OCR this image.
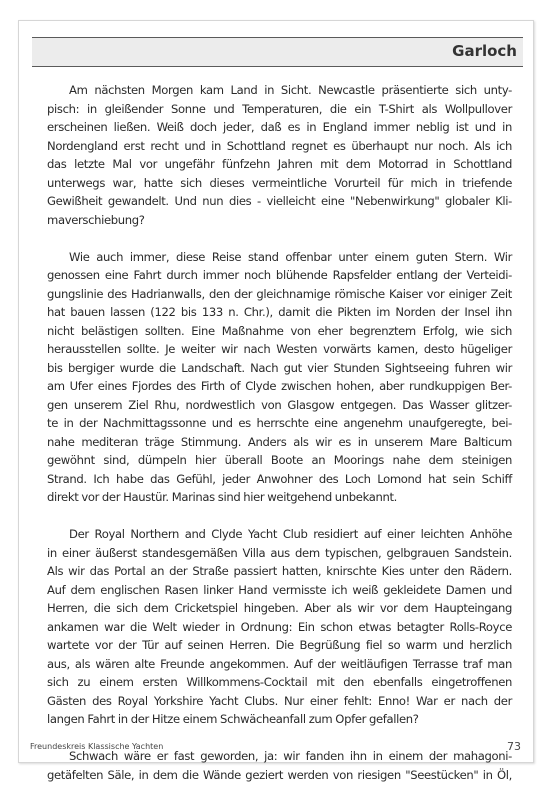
Garloch
Am nächsten Morgen kam Land in Sicht. Newcastle präsentierte sich unty-
pisch: in gleißender Sonne und Temperaturen, die ein T-Shirt als Wollpullover
erscheinen ließen. Weiß doch jeder, daß es in England immer neblig ist und in
Nordengland erst recht und in Schottland regnet es überhaupt nur noch. Als ich
das letzte Mal vor ungefähr fünfzehn Jahren mit dem Motorrad in Schottland
unterwegs war, hatte sich dieses vermeintliche Vorurteil für mich in triefende
Gewißheit gewandelt. Und nun dies - vielleicht eine "Nebenwirkung" globaler Kli-
maverschiebung?
Wie auch immer, diese Reise stand offenbar unter einem guten Stern. Wir
genossen eine Fahrt durch immer noch blühende Rapsfelder entlang der Verteidi-
gungslinie des Hadrianwalls, den der gleichnamige römische Kaiser vor einiger Zeit
hat bauen lassen (122 bis 133 n. Chr.), damit die Pikten im Norden der Insel ihn
nicht belästigen sollten. Eine Maßnahme von eher begrenztem Erfolg, wie sich
herausstellen sollte. Je weiter wir nach Westen vorwärts kamen, desto hügeliger
bis bergiger wurde die Landschaft. Nach gut vier Stunden Sightseeing fuhren wir
am Ufer eines Fjordes des Firth of Clyde zwischen hohen, aber rundkuppigen Ber-
gen unserem Ziel Rhu, nordwestlich von Glasgow entgegen. Das Wasser glitzer-
te in der Nachmittagssonne und es herrschte eine angenehm unaufgeregte, bei-
nahe mediteran träge Stimmung. Anders als wir es in unserem Mare Balticum
gewöhnt sind, dümpeln hier überall Boote an Moorings nahe dem steinigen
Strand. Ich habe das Gefühl, jeder Anwohner des Loch Lomond hat sein Schiff
direkt vor der Haustür. Marinas sind hier weitgehend unbekannt.
Der Royal Northern and Clyde Yacht Club residiert auf einer leichten Anhöhe
in einer äußerst standesgemäßen Villa aus dem typischen, gelbgrauen Sandstein.
Als wir das Portal an der Straße passiert hatten, knirschte Kies unter den Rädern.
Auf dem englischen Rasen linker Hand vermisste ich weiß gekleidete Damen und
Herren, die sich dem Cricketspiel hingeben. Aber als wir vor dem Haupteingang
ankamen war die Welt wieder in Ordnung: Ein schon etwas betagter Rolls-Royce
wartete vor der Tür auf seinen Herren. Die Begrüßung fiel so warm und herzlich
aus, als wären alte Freunde angekommen. Auf der weitläufigen Terrasse traf man
sich zu einem ersten Willkommens-Cocktail mit den ebenfalls eingetroffenen
Gästen des Royal Yorkshire Yacht Clubs. Nur einer fehlt: Enno! War er nach der
langen Fahrt in der Hitze einem Schwächeanfall zum Opfer gefallen?
Schwach wäre er fast geworden, ja: wir fanden ihn in einem der mahagoni-
getäfelten Säle, in dem die Wände geziert werden von riesigen "Seestücken" in Öl,
Freundeskreis Klassische Yachten	73
